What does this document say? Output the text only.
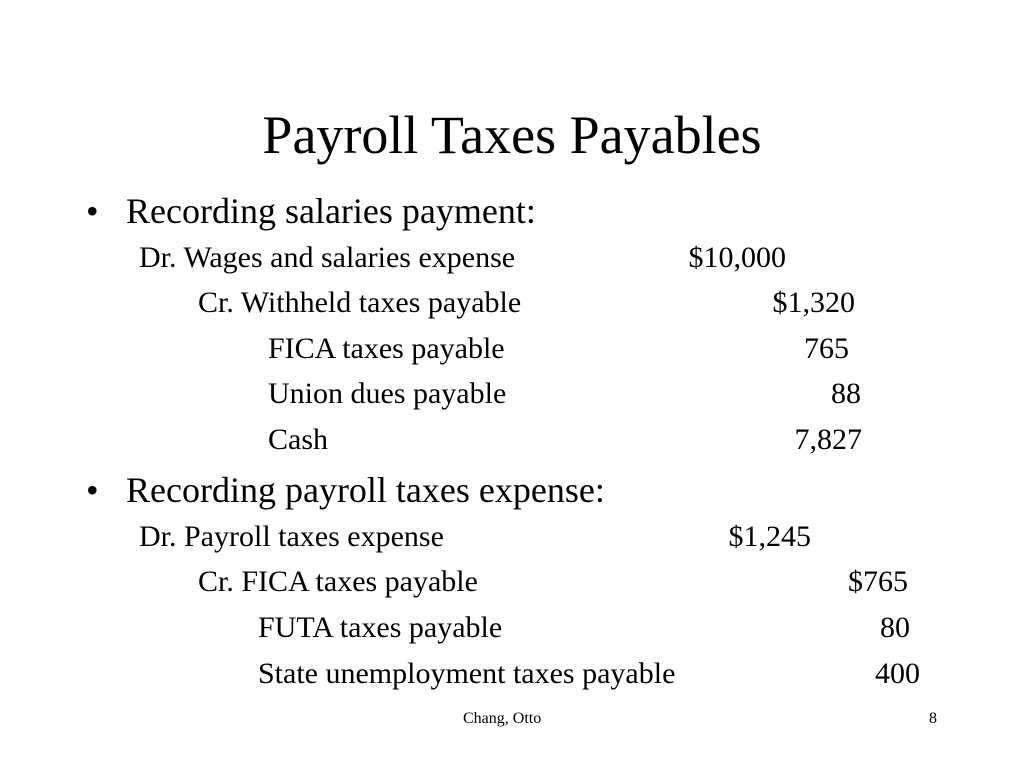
Payroll Taxes Payables
• Recording salaries payment:
Dr. Wages and salaries expense	$10,000
Cr. Withheld taxes payable	$1,320
FICA taxes payable	765
Union dues payable	88
Cash	7,827
• Recording payroll taxes expense:
Dr. Payroll taxes expense	$1,245
Cr. FICA taxes payable	$765
FUTA taxes payable	80
State unemployment taxes payable	400
Chang, Otto	8
